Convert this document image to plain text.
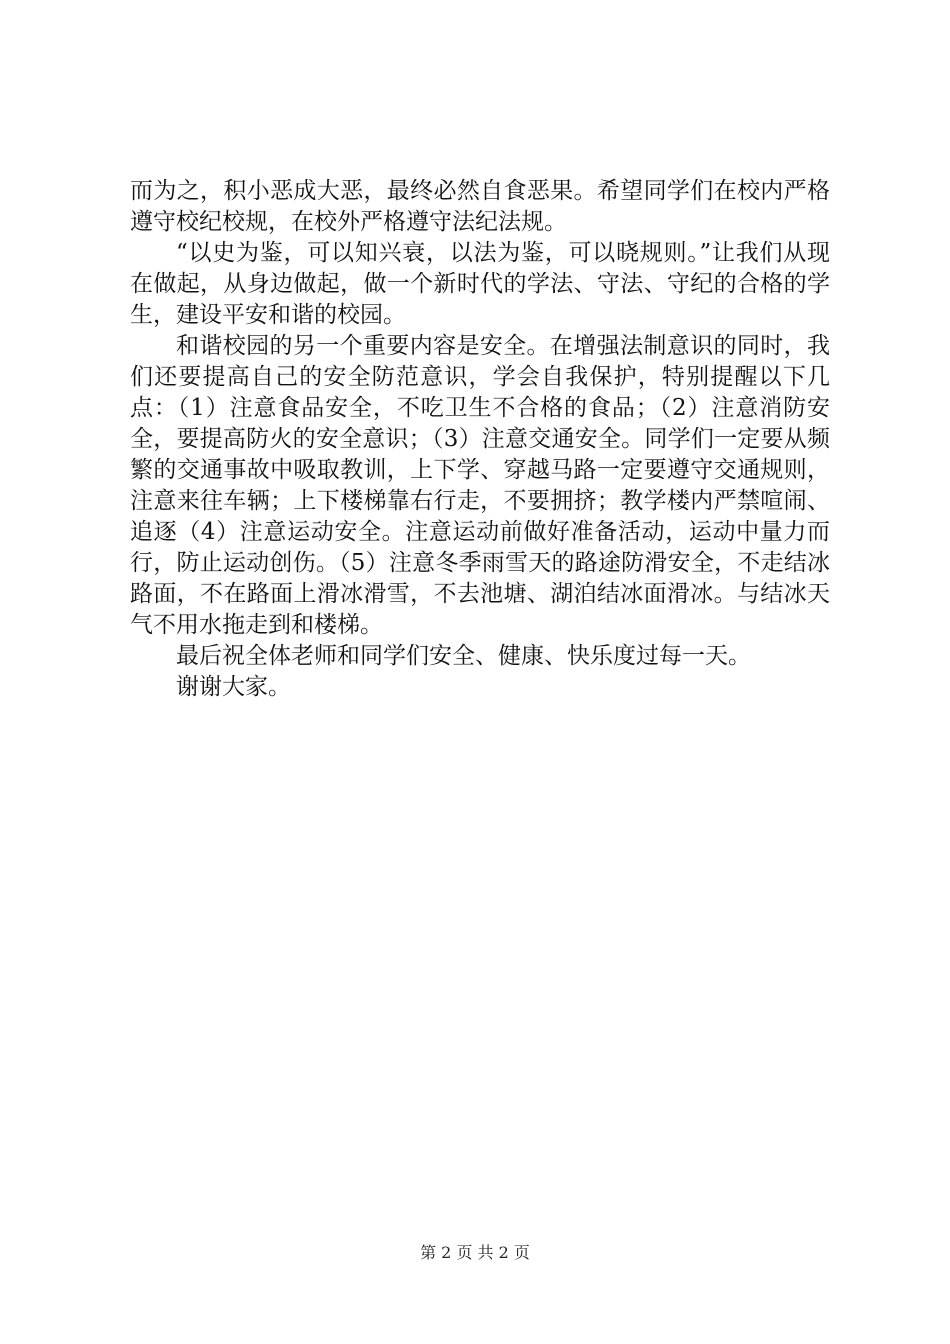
而为之，积小恶成大恶，最终必然自食恶果。希望同学们在校内严格遵守校纪校规，在校外严格遵守法纪法规。

“以史为鉴，可以知兴衰，以法为鉴，可以晓规则。”让我们从现在做起，从身边做起，做一个新时代的学法、守法、守纪的合格的学生，建设平安和谐的校园。

和谐校园的另一个重要内容是安全。在增强法制意识的同时，我们还要提高自己的安全防范意识，学会自我保护，特别提醒以下几点：（1）注意食品安全，不吃卫生不合格的食品；（2）注意消防安全，要提高防火的安全意识；（3）注意交通安全。同学们一定要从频繁的交通事故中吸取教训，上下学、穿越马路一定要遵守交通规则，注意来往车辆；上下楼梯靠右行走，不要拥挤；教学楼内严禁喧闹、追逐（4）注意运动安全。注意运动前做好准备活动，运动中量力而行，防止运动创伤。（5）注意冬季雨雪天的路途防滑安全，不走结冰路面，不在路面上滑冰滑雪，不去池塘、湖泊结冰面滑冰。与结冰天气不用水拖走到和楼梯。

最后祝全体老师和同学们安全、健康、快乐度过每一天。

谢谢大家。

第 2 页 共 2 页
